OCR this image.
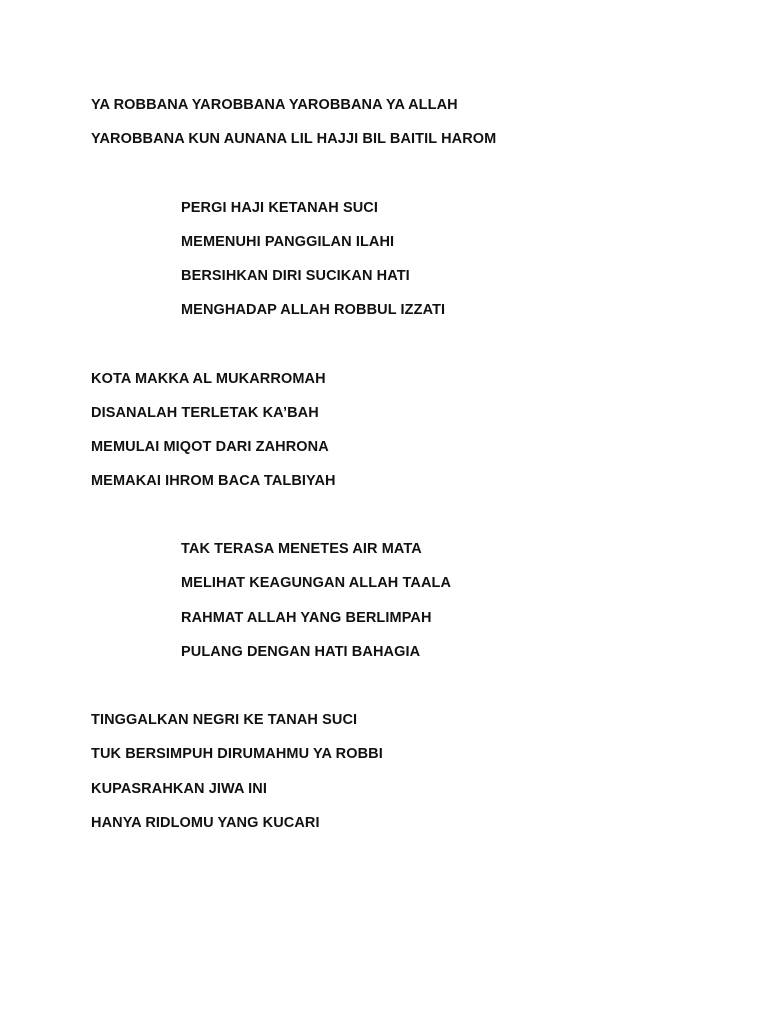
YA ROBBANA YAROBBANA YAROBBANA YA ALLAH

YAROBBANA KUN AUNANA LIL HAJJI BIL BAITIL HAROM

PERGI HAJI KETANAH SUCI

MEMENUHI PANGGILAN ILAHI

BERSIHKAN DIRI SUCIKAN HATI

MENGHADAP ALLAH ROBBUL IZZATI

KOTA MAKKA AL MUKARROMAH

DISANALAH TERLETAK KA’BAH

MEMULAI MIQOT DARI ZAHRONA

MEMAKAI IHROM BACA TALBIYAH

TAK TERASA MENETES AIR MATA

MELIHAT KEAGUNGAN ALLAH TAALA

RAHMAT ALLAH YANG BERLIMPAH

PULANG DENGAN HATI BAHAGIA

TINGGALKAN NEGRI KE TANAH SUCI

TUK BERSIMPUH DIRUMAHMU YA ROBBI

KUPASRAHKAN JIWA INI

HANYA RIDLOMU YANG KUCARI
